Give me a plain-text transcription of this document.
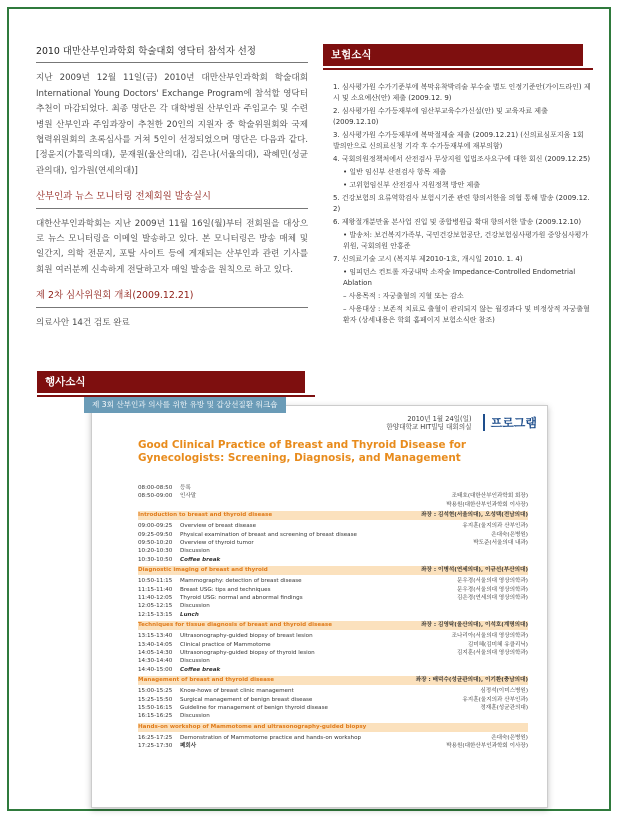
2010 대만산부인과학회 학술대회 영닥터 참석자 선정

지난 2009년 12월 11일(금) 2010년 대만산부인과학회 학술대회 International Young Doctors' Exchange Program에 참석할 영닥터 추천이 마감되었다. 최종 명단은 각 대학병원 산부인과 주임교수 및 수련병원 산부인과 주임과장이 추천한 20인의 지원자 중 학술위원회와 국제협력위원회의 초록심사를 거쳐 5인이 선정되었으며 명단은 다음과 같다.[정윤지(가톨릭의대), 문재원(울산의대), 김은나(서울의대), 곽혜민(성균관의대), 임가원(연세의대)]

산부인과 뉴스 모니터링 전체회원 발송실시

대한산부인과학회는 지난 2009년 11월 16일(월)부터 전회원을 대상으로 뉴스 모니터링을 이메일 발송하고 있다. 본 모니터링은 방송 매체 및 일간지, 의학 전문지, 포탈 사이트 등에 게재되는 산부인과 관련 기사를 회원 여러분께 신속하게 전달하고자 매일 발송을 원칙으로 하고 있다.

제 2차 심사위원회 개최(2009.12.21)

의료사안 14건 검토 완료

보험소식
1. 심사평가원 수가기준부에 복막유착박리술 부수술 별도 인정기준안(가이드라인) 제시 및 소요예산(안) 제출 (2009.12. 9)
2. 심사평가원 수가등재부에 임산부교육수가신설(안) 및 교육자료 제출 (2009.12.10)
3. 심사평가원 수가등재부에 복막절제술 제출 (2009.12.21) (신의료심포지움 1회 발의안으로 신의료신청 기각 후 수가등재부에 재부의함)
4. 국회의원정책처에서 산전검사 무상지원 입법조사요구에 대한 회신 (2009.12.25)
• 일반 임신부 산전검사 항목 제출
• 고위험임신부 산전검사 지원정책 방안 제출
5. 건강보험의 요류역학검사 보험시기준 관련 향의서한을 의협 통해 발송 (2009.12. 2)
6. 제왕절개분만율 본사업 진입 및 종합병원급 확대 향의서한 발송 (2009.12.10)
• 발송처: 보건복지가족부, 국민건강보험공단, 건강보험심사평가원 중앙심사평가위원, 국회의원 안홍준
7. 신의료기술 고시 (복지부 제2010-1호, 개시일 2010. 1. 4)
• 임피던스 컨트롤 자궁내막 소작술 Impedance-Controlled Endometrial Ablation
– 사용목적 : 자궁출혈의 지혈 또는 감소
– 사용대상 : 보존적 치료로 출혈이 관리되지 않는 월경과다 및 비정상적 자궁출혈환자 (상세내용은 학회 홈페이지 보험소식란 참조)
행사소식
2010년 1월 24일(일)
한양대학교 HIT빌딩 대회의실 프로그램
Good Clinical Practice of Breast and Thyroid Disease for Gynecologists: Screening, Diagnosis, and Management
08:00-08:50	등록
08:50-09:00	인사말	조태호(대한산부인과학회 회장)
박용원(대한산부인과학회 이사장)
Introduction to breast and thyroid disease	좌장 : 김석현(서울의대), 오성택(전남의대)
09:00-09:25	Overview of breast disease	유지훈(울지의과 산부인과)
09:25-09:50	Physical examination of breast and screening of breast disease	은대숙(은병원)
09:50-10:20	Overview of thyroid tumor	박도준(서울의대 내과)
10:20-10:30	Discussion
10:30-10:50	Coffee break
Diagnostic imaging of breast and thyroid	좌장 : 이병석(연세의대), 이규선(부산의대)
10:50-11:15	Mammography: detection of breast disease	문우경(서울의대 영상의학과)
11:15-11:40	Breast USG: tips and techniques	문우경(서울의대 영상의학과)
11:40-12:05	Thyroid USG: normal and abnormal findings	김은경(연세의대 영상의학과)
12:05-12:15	Discussion
12:15-13:15	Lunch
Techniques for tissue diagnosis of breast and thyroid disease	좌장 : 김영탁(울산의대), 이석호(계명의대)
13:15-13:40	Ultrasonography-guided biopsy of breast lesion	조나리아(서울의대 영상의학과)
13:40-14:05	Clinical practice of Mammotome	김미혜(김미혜 유클리닉)
14:05-14:30	Ultrasonography-guided biopsy of thyroid lesion	김지훈(서울의대 영상의학과)
14:30-14:40	Discussion
14:40-15:00	Coffee break
Management of breast and thyroid disease	좌장 : 배덕수(성균관의대), 이기환(충남의대)
15:00-15:25	Know-hows of breast clinic management	심정석(이미스병원)
15:25-15:50	Surgical management of benign breast disease	유지훈(울지의과 산부인과)
15:50-16:15	Guideline for management of benign thyroid disease	정재훈(성균관의대)
16:15-16:25	Discussion
Hands-on workshop of Mammotome and ultrasonography-guided biopsy
16:25-17:25	Demonstration of Mammotome practice and hands-on workshop	은대숙(은병원)
17:25-17:30	폐회사	박용원(대한산부인과학회 이사장)
제 3회 산부인과 의사를 위한 유방 및 갑상선질환 워크숍
